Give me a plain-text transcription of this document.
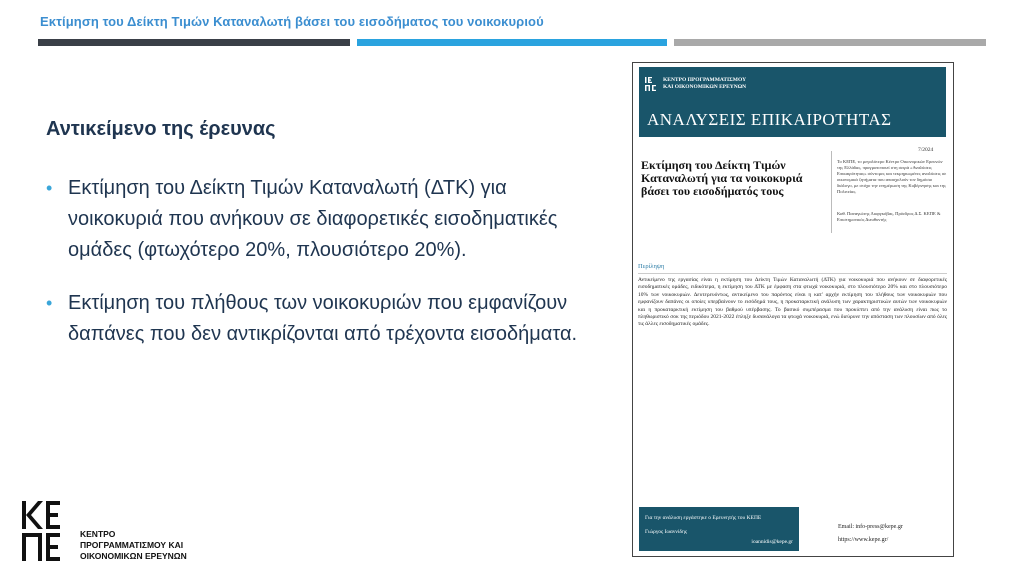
Εκτίμηση του Δείκτη Τιμών Καταναλωτή βάσει του εισοδήματος του νοικοκυριού
Αντικείμενο της έρευνας
• Εκτίμηση του Δείκτη Τιμών Καταναλωτή (ΔΤΚ) για νοικοκυριά που ανήκουν σε διαφορετικές εισοδηματικές ομάδες (φτωχότερο 20%, πλουσιότερο 20%).
• Εκτίμηση του πλήθους των νοικοκυριών που εμφανίζουν δαπάνες που δεν αντικρίζονται από τρέχοντα εισοδήματα.
ΚΕΝΤΡΟ
ΠΡΟΓΡΑΜΜΑΤΙΣΜΟΥ ΚΑΙ
ΟΙΚΟΝΟΜΙΚΩΝ ΕΡΕΥΝΩΝ
ΚΕΝΤΡΟ ΠΡΟΓΡΑΜΜΑΤΙΣΜΟΥ
ΚΑΙ ΟΙΚΟΝΟΜΙΚΩΝ ΕΡΕΥΝΩΝ
ΑΝΑΛΥΣΕΙΣ ΕΠΙΚΑΙΡΟΤΗΤΑΣ
7/2024
Εκτίμηση του Δείκτη Τιμών Καταναλωτή για τα νοικοκυριά βάσει του εισοδήματός τους
Το ΚΕΠΕ, το μεγαλύτερο Κέντρο Οικονομικών Ερευνών της Ελλάδας, πραγματοποιεί στη σειρά «Αναλύσεις Επικαιρότητας» σύντομες και τεκμηριωμένες αναλύσεις σε οικονομικά ζητήματα που απασχολούν τον δημόσιο διάλογο, με στόχο την ενημέρωση της Κυβέρνησης και της Πολιτείας.
Καθ. Παναγιώτης Λιαργκόβας, Πρόεδρος Δ.Σ. ΚΕΠΕ & Επιστημονικός Διευθυντής
Περίληψη
Αντικείμενο της εργασίας είναι η εκτίμηση του Δείκτη Τιμών Καταναλωτή (ΔΤΚ) για νοικοκυριά που ανήκουν σε διαφορετικές εισοδηματικές ομάδες, ειδικότερα, η εκτίμηση του ΔΤΚ με έμφαση στα φτωχά νοικοκυριά, στο πλουσιότερο 20% και στο πλουσιότερο 10% των νοικοκυριών. Δευτερευόντως, αντικείμενο του παρόντος είναι η κατ' αρχήν εκτίμηση του πλήθους των νοικοκυριών που εμφανίζουν δαπάνες οι οποίες υπερβαίνουν το εισόδημά τους, η προκαταρκτική ανάλυση των χαρακτηριστικών αυτών των νοικοκυριών και η προκαταρκτική εκτίμηση του βαθμού υπέρβασης. Το βασικό συμπέρασμα που προκύπτει από την ανάλυση είναι πως το πληθωριστικό σοκ της περιόδου 2021-2022 έπληξε δυσανάλογα τα φτωχά νοικοκυριά, ενώ διεύρυνε την απόσταση των πλουσίων από όλες τις άλλες εισοδηματικές ομάδες.
Για την ανάλυση εργάστηκε ο Ερευνητής του ΚΕΠΕ
Γιώργος Ιωαννίδης
ioannidis@kepe.gr
Email: info-press@kepe.gr
https://www.kepe.gr/
